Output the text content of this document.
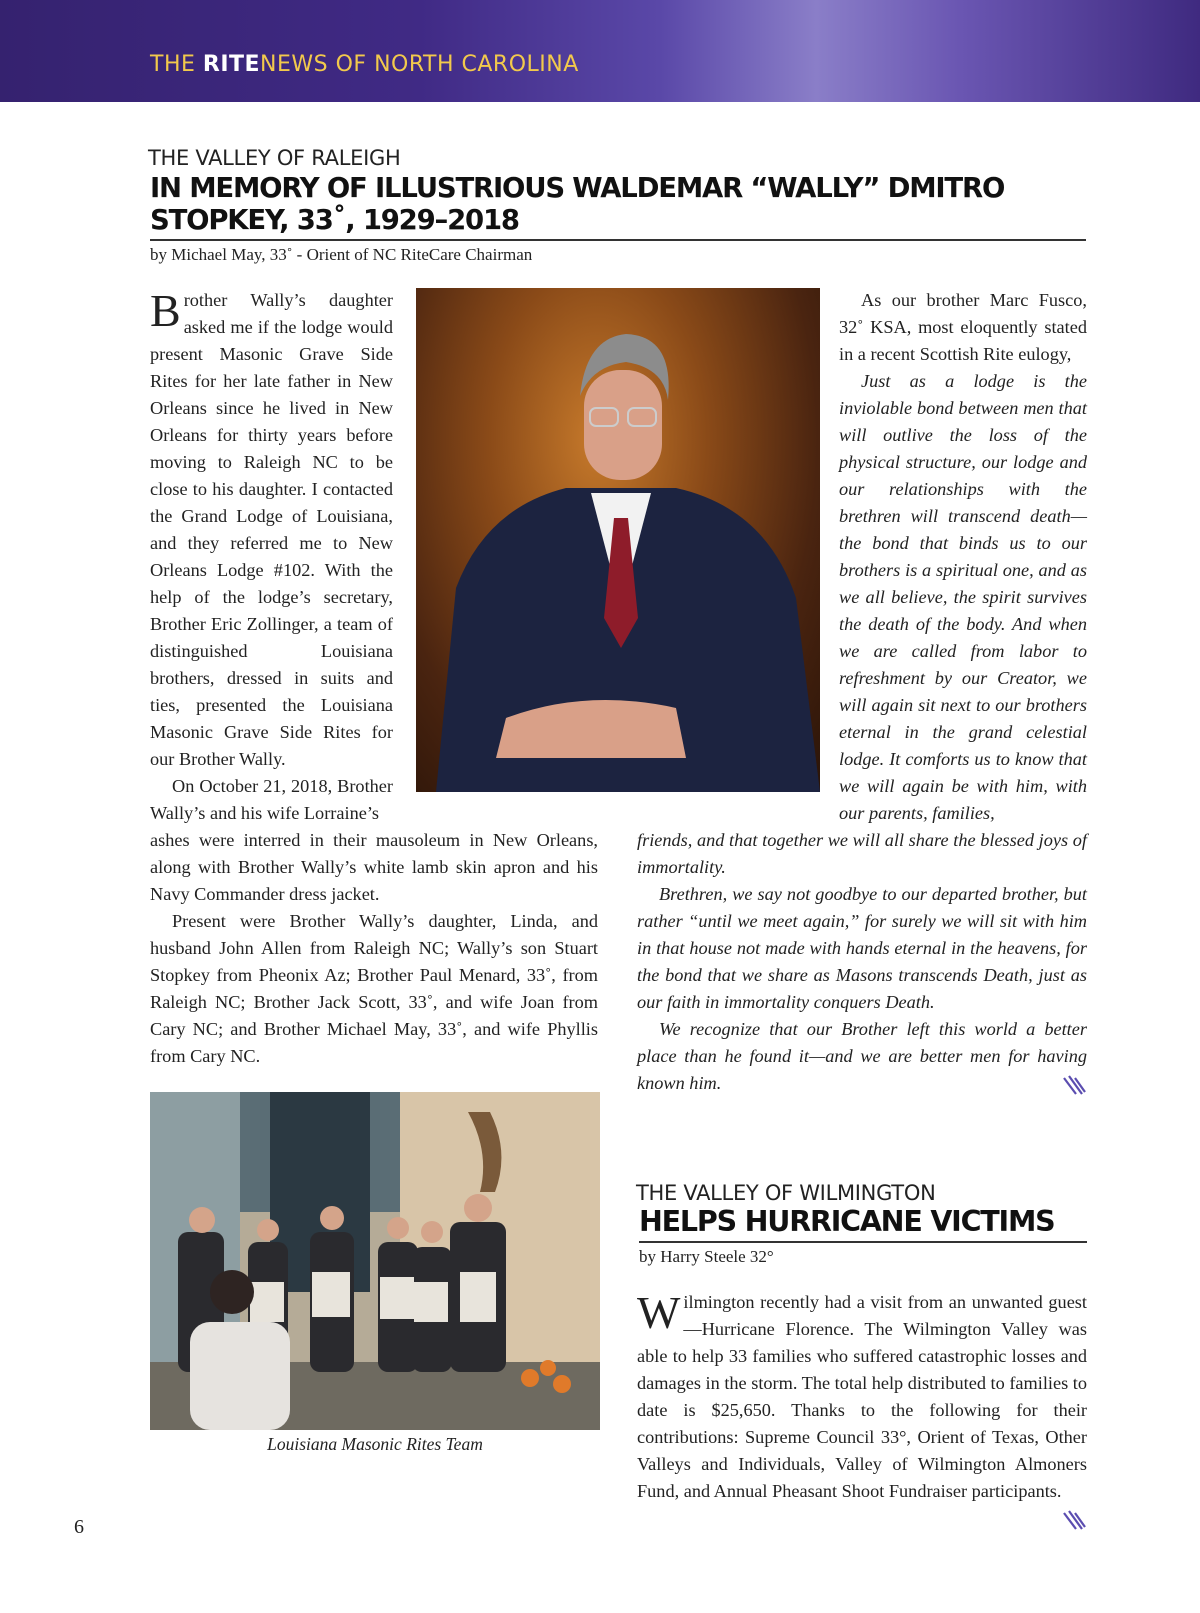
THE RITENEWS OF NORTH CAROLINA
THE VALLEY OF RALEIGH
IN MEMORY OF ILLUSTRIOUS WALDEMAR “WALLY” DMITRO
STOPKEY, 33˚, 1929–2018
by Michael May, 33˚ - Orient of NC RiteCare Chairman

Brother Wally’s daughter asked me if the lodge would present Masonic Grave Side Rites for her late father in New Orleans since he lived in New Orleans for thirty years before moving to Raleigh NC to be close to his daughter. I contacted the Grand Lodge of Louisiana, and they referred me to New Orleans Lodge #102. With the help of the lodge’s secretary, Brother Eric Zollinger, a team of distinguished Louisiana brothers, dressed in suits and ties, presented the Louisiana Masonic Grave Side Rites for our Brother Wally.

On October 21, 2018, Brother Wally’s and his wife Lorraine’s

ashes were interred in their mausoleum in New Orleans, along with Brother Wally’s white lamb skin apron and his Navy Commander dress jacket.

Present were Brother Wally’s daughter, Linda, and husband John Allen from Raleigh NC; Wally’s son Stuart Stopkey from Pheonix Az; Brother Paul Menard, 33˚, from Raleigh NC; Brother Jack Scott, 33˚, and wife Joan from Cary NC; and Brother Michael May, 33˚, and wife Phyllis from Cary NC.

As our brother Marc Fusco, 32˚ KSA, most eloquently stated in a recent Scottish Rite eulogy,

Just as a lodge is the inviolable bond between men that will outlive the loss of the physical structure, our lodge and our relationships with the brethren will transcend death—the bond that binds us to our brothers is a spiritual one, and as we all believe, the spirit survives the death of the body. And when we are called from labor to refreshment by our Creator, we will again sit next to our brothers eternal in the grand celestial lodge. It comforts us to know that we will again be with him, with our parents, families,

friends, and that together we will all share the blessed joys of immortality.

Brethren, we say not goodbye to our departed brother, but rather “until we meet again,” for surely we will sit with him in that house not made with hands eternal in the heavens, for the bond that we share as Masons transcends Death, just as our faith in immortality conquers Death.

We recognize that our Brother left this world a better place than he found it—and we are better men for having known him.

Louisiana Masonic Rites Team
THE VALLEY OF WILMINGTON
HELPS HURRICANE VICTIMS
by Harry Steele 32°

Wilmington recently had a visit from an unwanted guest—Hurricane Florence. The Wilmington Valley was able to help 33 families who suffered catastrophic losses and damages in the storm. The total help distributed to families to date is $25,650. Thanks to the following for their contributions: Supreme Council 33°, Orient of Texas, Other Valleys and Individuals, Valley of Wilmington Almoners Fund, and Annual Pheasant Shoot Fundraiser participants.

6
